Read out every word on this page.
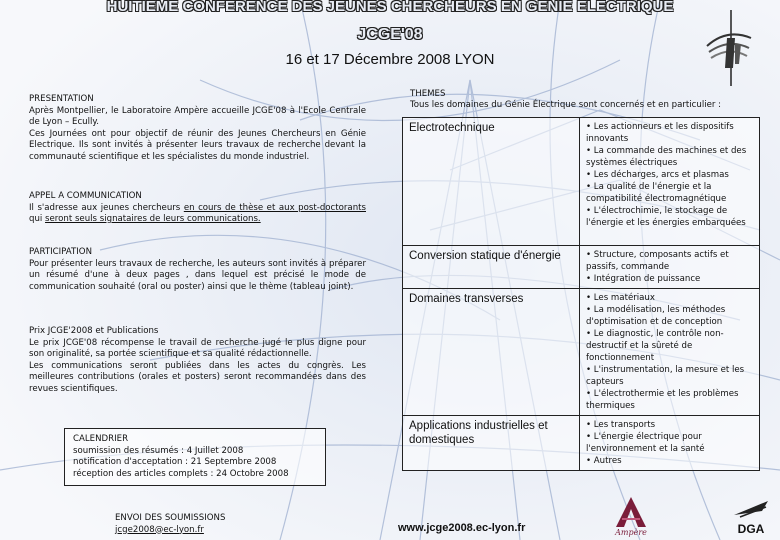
HUITIEME CONFERENCE DES JEUNES CHERCHEURS EN GENIE ELECTRIQUE
JCGE'08
16 et 17 Décembre 2008 LYON
PRESENTATION
Après Montpellier, le Laboratoire Ampère accueille JCGE'08 à l'Ecole Centrale de Lyon – Ecully.
Ces Journées ont pour objectif de réunir des Jeunes Chercheurs en Génie Electrique. Ils sont invités à présenter leurs travaux de recherche devant la communauté scientifique et les spécialistes du monde industriel.
APPEL A COMMUNICATION
Il s'adresse aux jeunes chercheurs en cours de thèse et aux post-doctorants qui seront seuls signataires de leurs communications.
PARTICIPATION
Pour présenter leurs travaux de recherche, les auteurs sont invités à préparer un résumé d'une à deux pages , dans lequel est précisé le mode de communication souhaité (oral ou poster) ainsi que le thème (tableau joint).
Prix JCGE'2008 et Publications
Le prix JCGE'08 récompense le travail de recherche jugé le plus digne pour son originalité, sa portée scientifique et sa qualité rédactionnelle.
Les communications seront publiées dans les actes du congrès. Les meilleures contributions (orales et posters) seront recommandées dans des revues scientifiques.
CALENDRIER
soumission des résumés : 4 Juillet 2008
notification d'acceptation : 21 Septembre 2008
réception des articles complets : 24 Octobre 2008
ENVOI DES SOUMISSIONS
jcge2008@ec-lyon.fr	www.jcge2008.ec-lyon.fr
THEMES
Tous les domaines du Génie Électrique sont concernés et en particulier :
Electrotechnique	• Les actionneurs et les dispositifs innovants
• La commande des machines et des systèmes électriques
• Les décharges, arcs et plasmas
• La qualité de l'énergie et la compatibilité électromagnétique
• L'électrochimie, le stockage de l'énergie et les énergies embarquées

Conversion statique d'énergie	• Structure, composants actifs et passifs, commande
• Intégration de puissance

Domaines transverses	• Les matériaux
• La modélisation, les méthodes d'optimisation et de conception
• Le diagnostic, le contrôle non-destructif et la sûreté de fonctionnement
• L'instrumentation, la mesure et les capteurs
• L'électrothermie et les problèmes thermiques

Applications industrielles et domestiques	• Les transports
• L'énergie électrique pour l'environnement et la santé
• Autres
Ampère	DGA
